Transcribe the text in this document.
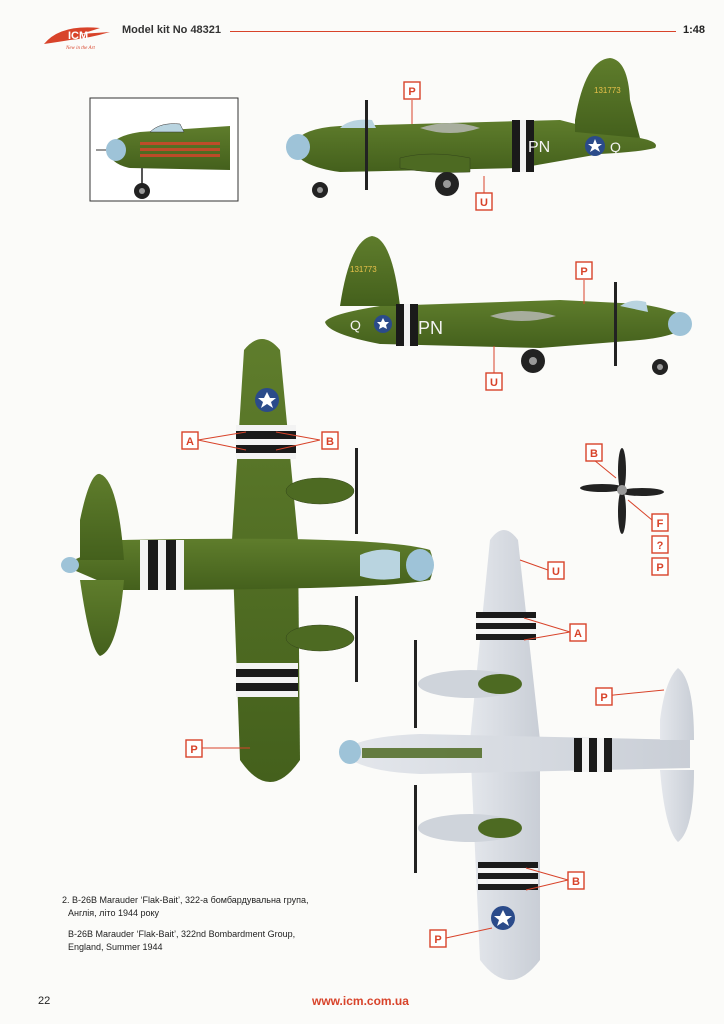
ICM
New in the Art
Model kit No 48321	1:48
PN	Q
131773
Q	PN
131773
P
U
P
U
A	B
P
B
F
?
P
U
A
P
B
P
2. B-26B Marauder ‘Flak-Bait’, 322-а бомбардувальна група,
Англія, літо 1944 року
B-26B Marauder ‘Flak-Bait’, 322nd Bombardment Group,
England, Summer 1944
22	www.icm.com.ua
